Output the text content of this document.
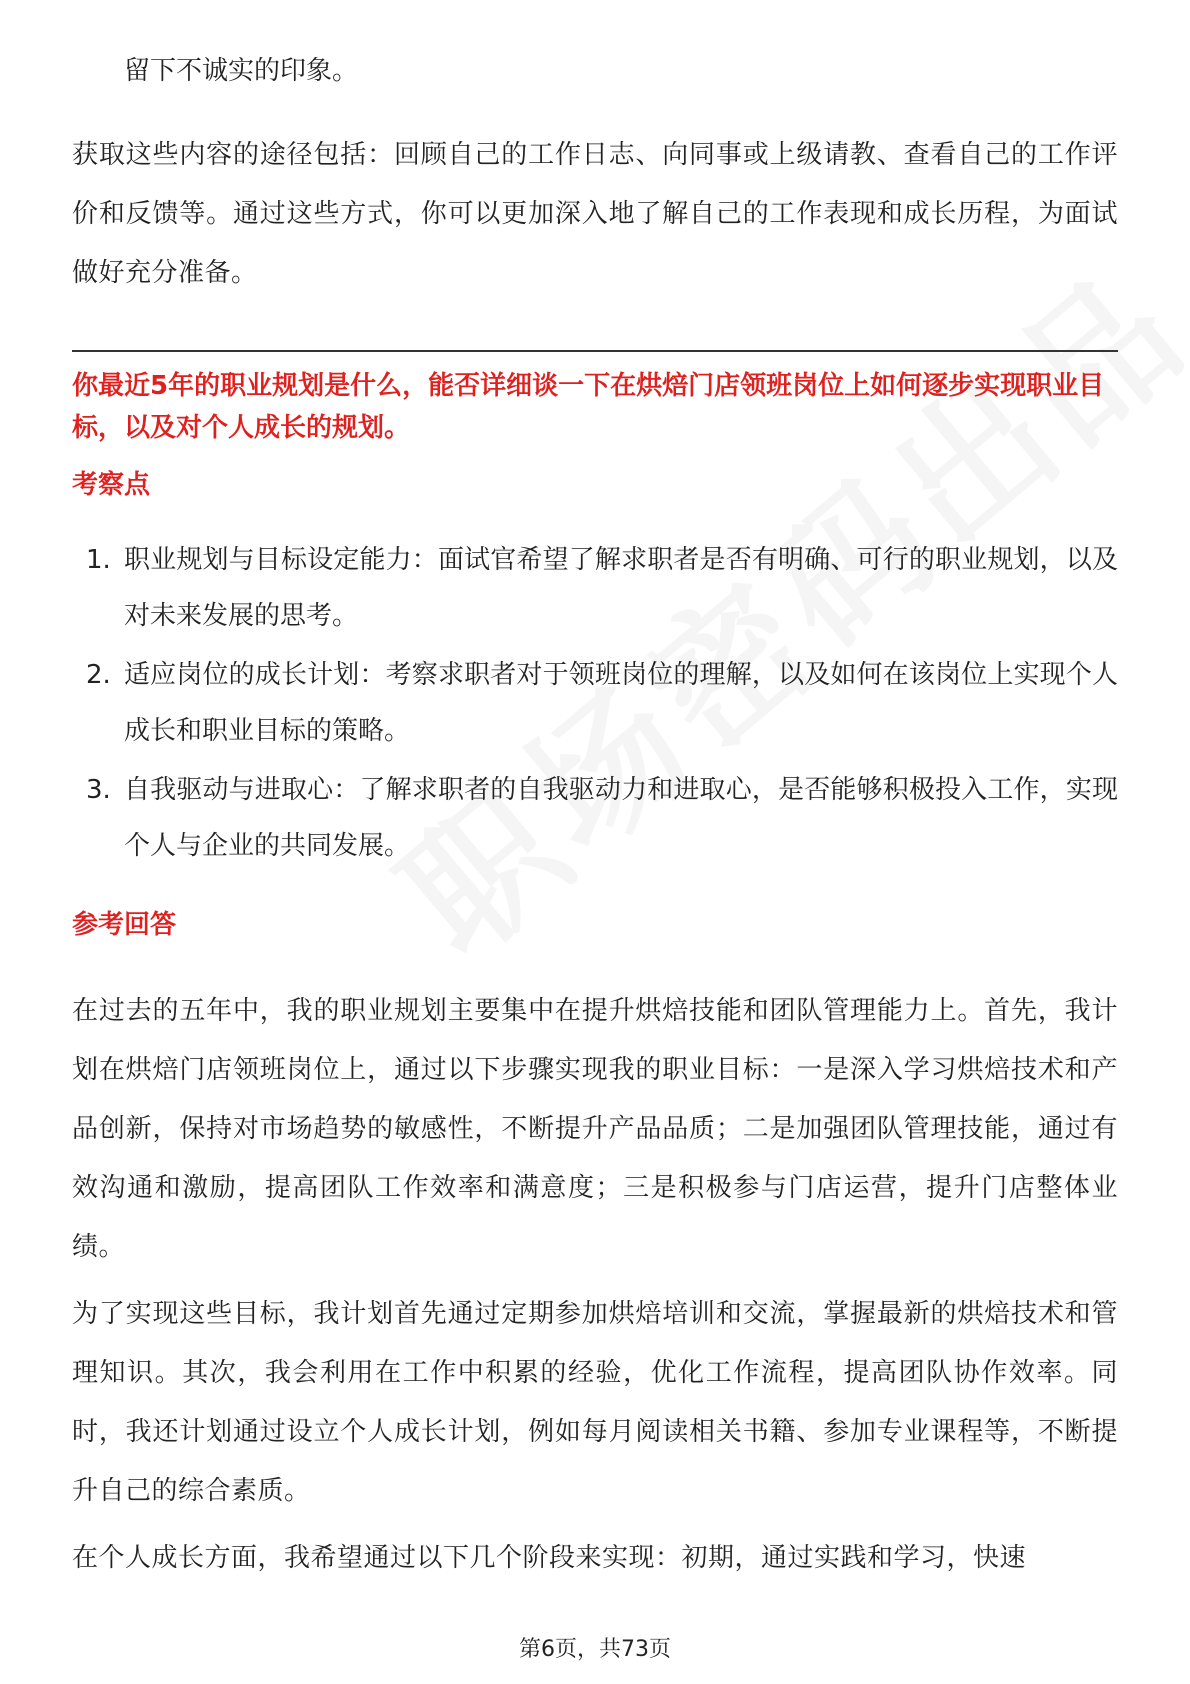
留下不诚实的印象。

获取这些内容的途径包括：回顾自己的工作日志、向同事或上级请教、查看自己的工作评价和反馈等。通过这些方式，你可以更加深入地了解自己的工作表现和成长历程，为面试做好充分准备。

你最近5年的职业规划是什么，能否详细谈一下在烘焙门店领班岗位上如何逐步实现职业目标，以及对个人成长的规划。

考察点

1. 职业规划与目标设定能力：面试官希望了解求职者是否有明确、可行的职业规划，以及对未来发展的思考。
2. 适应岗位的成长计划：考察求职者对于领班岗位的理解，以及如何在该岗位上实现个人成长和职业目标的策略。
3. 自我驱动与进取心：了解求职者的自我驱动力和进取心，是否能够积极投入工作，实现个人与企业的共同发展。

参考回答

在过去的五年中，我的职业规划主要集中在提升烘焙技能和团队管理能力上。首先，我计划在烘焙门店领班岗位上，通过以下步骤实现我的职业目标：一是深入学习烘焙技术和产品创新，保持对市场趋势的敏感性，不断提升产品品质；二是加强团队管理技能，通过有效沟通和激励，提高团队工作效率和满意度；三是积极参与门店运营，提升门店整体业绩。

为了实现这些目标，我计划首先通过定期参加烘焙培训和交流，掌握最新的烘焙技术和管理知识。其次，我会利用在工作中积累的经验，优化工作流程，提高团队协作效率。同时，我还计划通过设立个人成长计划，例如每月阅读相关书籍、参加专业课程等，不断提升自己的综合素质。

在个人成长方面，我希望通过以下几个阶段来实现：初期，通过实践和学习，快速

第6页，共73页
